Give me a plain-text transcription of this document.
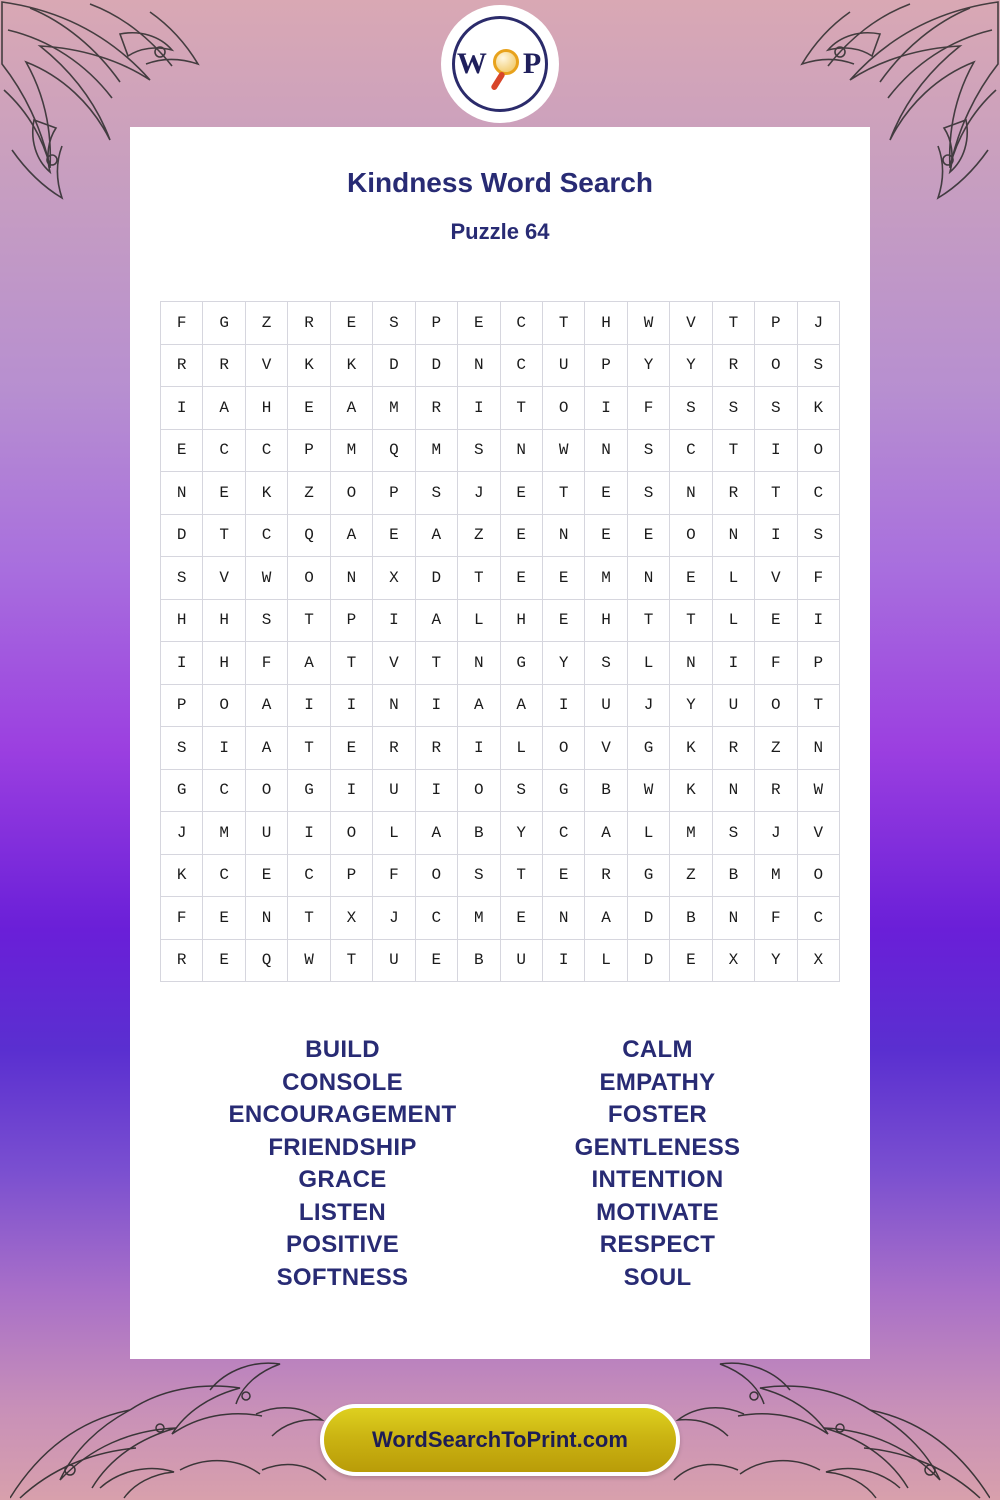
W P
Kindness Word Search
Puzzle 64
F	G	Z	R	E	S	P	E	C	T	H	W	V	T	P	J
R	R	V	K	K	D	D	N	C	U	P	Y	Y	R	O	S
I	A	H	E	A	M	R	I	T	O	I	F	S	S	S	K
E	C	C	P	M	Q	M	S	N	W	N	S	C	T	I	O
N	E	K	Z	O	P	S	J	E	T	E	S	N	R	T	C
D	T	C	Q	A	E	A	Z	E	N	E	E	O	N	I	S
S	V	W	O	N	X	D	T	E	E	M	N	E	L	V	F
H	H	S	T	P	I	A	L	H	E	H	T	T	L	E	I
I	H	F	A	T	V	T	N	G	Y	S	L	N	I	F	P
P	O	A	I	I	N	I	A	A	I	U	J	Y	U	O	T
S	I	A	T	E	R	R	I	L	O	V	G	K	R	Z	N
G	C	O	G	I	U	I	O	S	G	B	W	K	N	R	W
J	M	U	I	O	L	A	B	Y	C	A	L	M	S	J	V
K	C	E	C	P	F	O	S	T	E	R	G	Z	B	M	O
F	E	N	T	X	J	C	M	E	N	A	D	B	N	F	C
R	E	Q	W	T	U	E	B	U	I	L	D	E	X	Y	X
BUILD
CONSOLE
ENCOURAGEMENT
FRIENDSHIP
GRACE
LISTEN
POSITIVE
SOFTNESS
CALM
EMPATHY
FOSTER
GENTLENESS
INTENTION
MOTIVATE
RESPECT
SOUL
WordSearchToPrint.com
